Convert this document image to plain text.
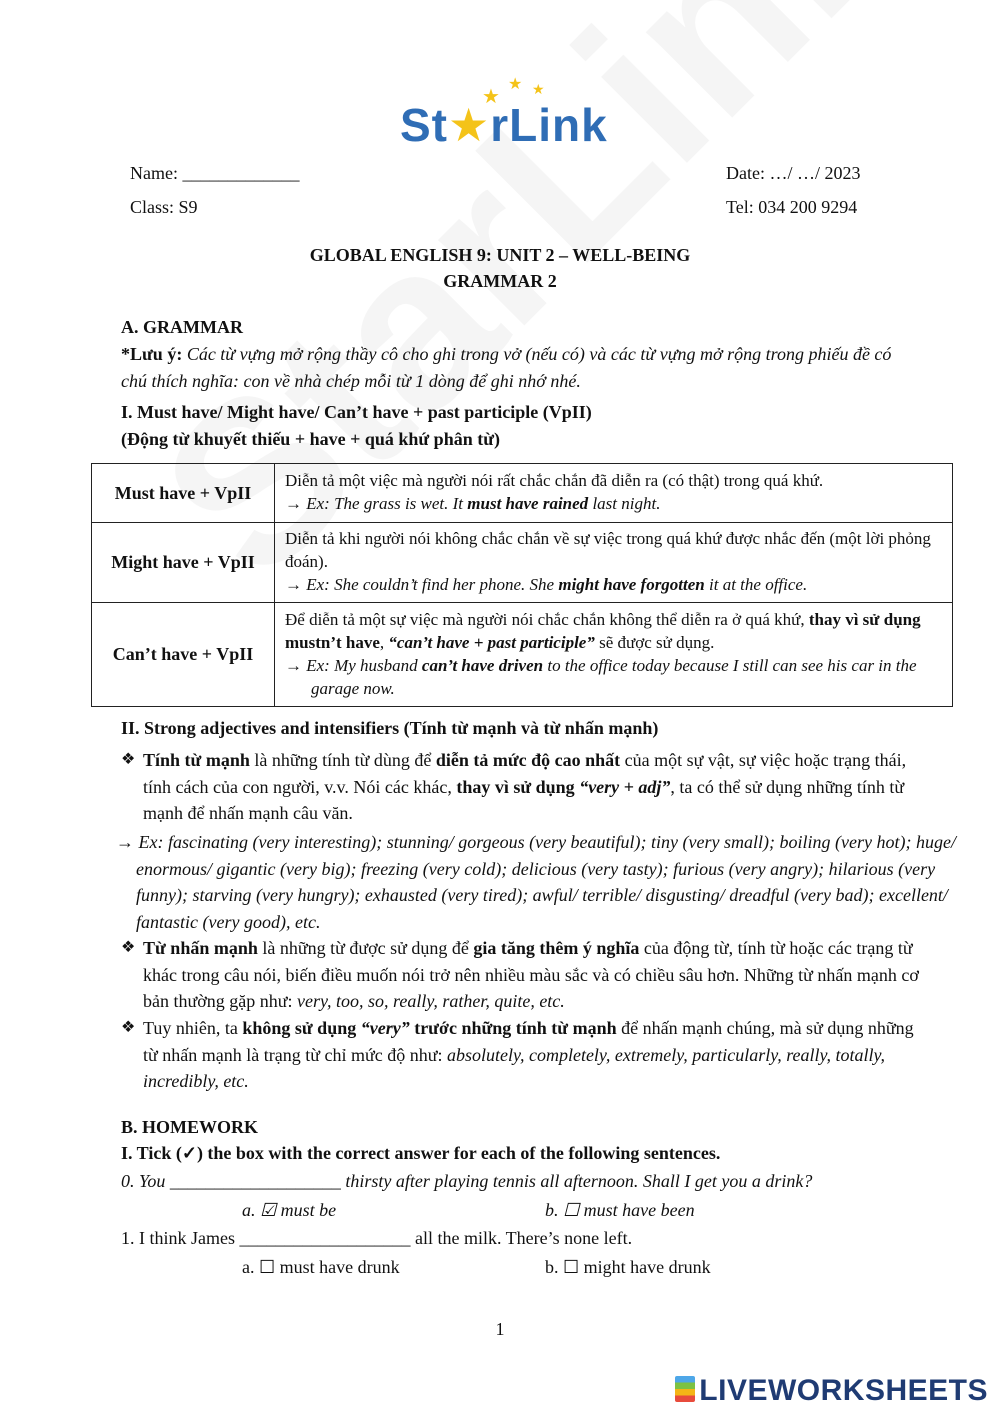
★
★ ★
St★rLink
Name: _____________	Date: …/ …/ 2023
Class: S9	Tel: 034 200 9294
GLOBAL ENGLISH 9: UNIT 2 – WELL-BEING
GRAMMAR 2
A. GRAMMAR
*Lưu ý: Các từ vựng mở rộng thầy cô cho ghi trong vở (nếu có) và các từ vựng mở rộng trong phiếu đề có chú thích nghĩa: con về nhà chép mỗi từ 1 dòng để ghi nhớ nhé.
I. Must have/ Might have/ Can’t have + past participle (VpII)
(Động từ khuyết thiếu + have + quá khứ phân từ)
Must have + VpII	Diễn tả một việc mà người nói rất chắc chắn đã diễn ra (có thật) trong quá khứ.
→ Ex: The grass is wet. It must have rained last night.

Might have + VpII	Diễn tả khi người nói không chắc chắn về sự việc trong quá khứ được nhắc đến (một lời phỏng đoán).
→ Ex: She couldn’t find her phone. She might have forgotten it at the office.

Can’t have + VpII	Để diễn tả một sự việc mà người nói chắc chắn không thể diễn ra ở quá khứ, thay vì sử dụng mustn’t have, “can’t have + past participle” sẽ được sử dụng.
→ Ex: My husband can’t have driven to the office today because I still can see his car in the garage now.
II. Strong adjectives and intensifiers (Tính từ mạnh và từ nhấn mạnh)
❖ Tính từ mạnh là những tính từ dùng để diễn tả mức độ cao nhất của một sự vật, sự việc hoặc trạng thái, tính cách của con người, v.v. Nói các khác, thay vì sử dụng “very + adj”, ta có thể sử dụng những tính từ mạnh để nhấn mạnh câu văn.
→ Ex: fascinating (very interesting); stunning/ gorgeous (very beautiful); tiny (very small); boiling (very hot); huge/ enormous/ gigantic (very big); freezing (very cold); delicious (very tasty); furious (very angry); hilarious (very funny); starving (very hungry); exhausted (very tired); awful/ terrible/ disgusting/ dreadful (very bad); excellent/ fantastic (very good), etc.
❖ Từ nhấn mạnh là những từ được sử dụng để gia tăng thêm ý nghĩa của động từ, tính từ hoặc các trạng từ khác trong câu nói, biến điều muốn nói trở nên nhiều màu sắc và có chiều sâu hơn. Những từ nhấn mạnh cơ bản thường gặp như: very, too, so, really, rather, quite, etc.
❖ Tuy nhiên, ta không sử dụng “very” trước những tính từ mạnh để nhấn mạnh chúng, mà sử dụng những từ nhấn mạnh là trạng từ chỉ mức độ như: absolutely, completely, extremely, particularly, really, totally, incredibly, etc.
B. HOMEWORK
I. Tick (✓) the box with the correct answer for each of the following sentences.
0. You ___________________ thirsty after playing tennis all afternoon. Shall I get you a drink?
a. ☑ must be	b. ☐ must have been
1. I think James ___________________ all the milk. There’s none left.
a. ☐ must have drunk	b. ☐ might have drunk
1
LIVEWORKSHEETS
